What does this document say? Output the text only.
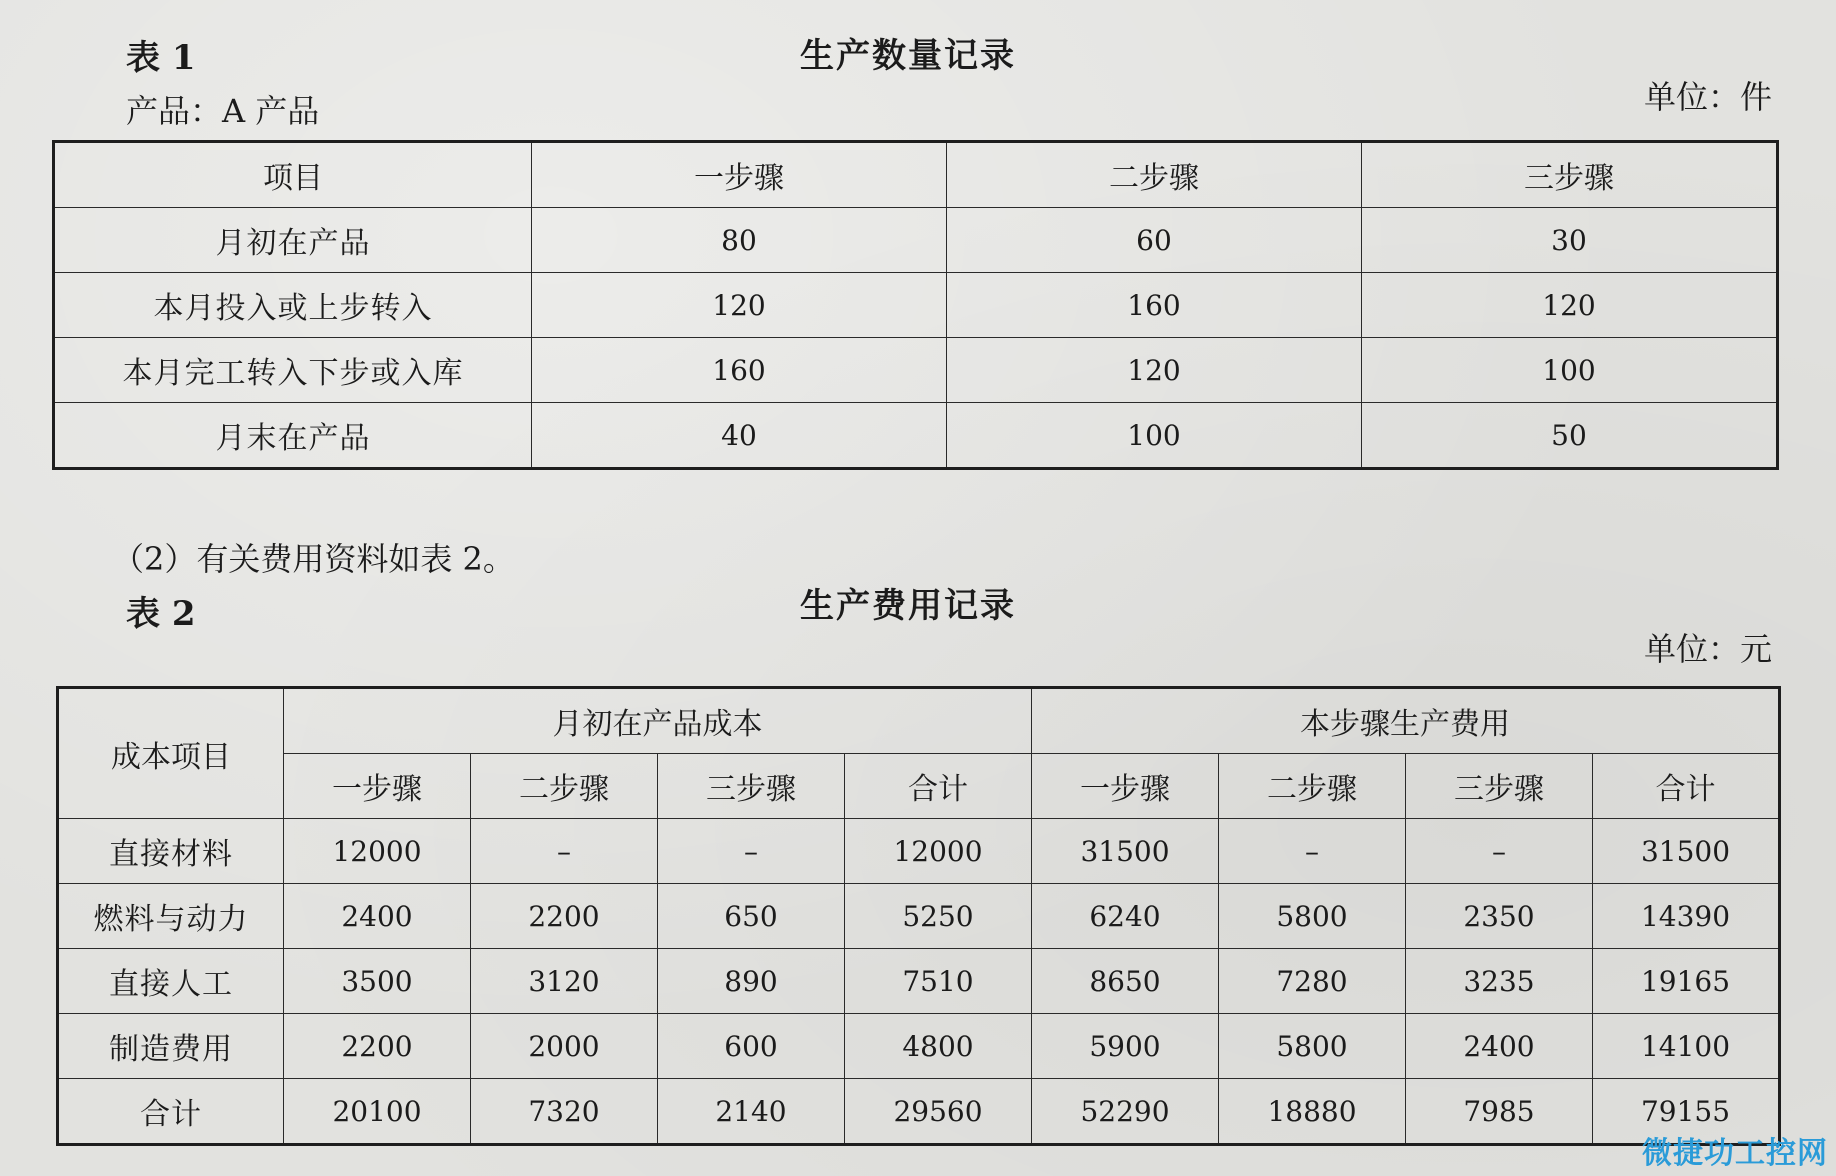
表 1	生产数量记录
产品：A 产品	单位：件
项目	一步骤	二步骤	三步骤
月初在产品	80	60	30
本月投入或上步转入	120	160	120
本月完工转入下步或入库	160	120	100
月末在产品	40	100	50
（2）有关费用资料如表 2。
表 2	生产费用记录
单位：元
成本项目	月初在产品成本				本步骤生产费用			
	一步骤	二步骤	三步骤	合计	一步骤	二步骤	三步骤	合计
直接材料	12000	–	–	12000	31500	–	–	31500
燃料与动力	2400	2200	650	5250	6240	5800	2350	14390
直接人工	3500	3120	890	7510	8650	7280	3235	19165
制造费用	2200	2000	600	4800	5900	5800	2400	14100
合计	20100	7320	2140	29560	52290	18880	7985	79155
微捷功工控网
